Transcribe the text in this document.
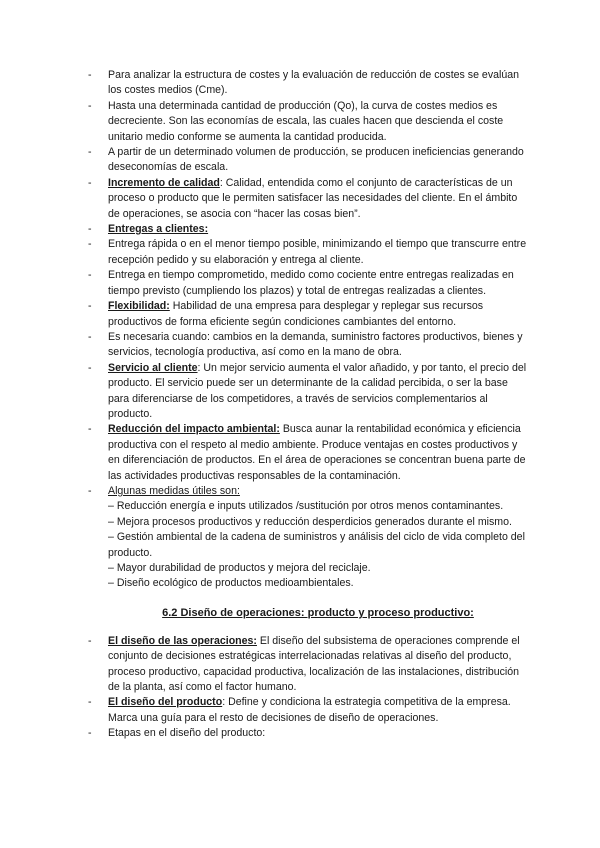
- Para analizar la estructura de costes y la evaluación de reducción de costes se evalúan los costes medios (Cme).
- Hasta una determinada cantidad de producción (Qo), la curva de costes medios es decreciente. Son las economías de escala, las cuales hacen que descienda el coste unitario medio conforme se aumenta la cantidad producida.
- A partir de un determinado volumen de producción, se producen ineficiencias generando deseconomías de escala.
- Incremento de calidad: Calidad, entendida como el conjunto de características de un proceso o producto que le permiten satisfacer las necesidades del cliente. En el ámbito de operaciones, se asocia con “hacer las cosas bien”.
- Entregas a clientes:
- Entrega rápida o en el menor tiempo posible, minimizando el tiempo que transcurre entre recepción pedido y su elaboración y entrega al cliente.
- Entrega en tiempo comprometido, medido como cociente entre entregas realizadas en tiempo previsto (cumpliendo los plazos) y total de entregas realizadas a clientes.
- Flexibilidad: Habilidad de una empresa para desplegar y replegar sus recursos productivos de forma eficiente según condiciones cambiantes del entorno.
- Es necesaria cuando: cambios en la demanda, suministro factores productivos, bienes y servicios, tecnología productiva, así como en la mano de obra.
- Servicio al cliente: Un mejor servicio aumenta el valor añadido, y por tanto, el precio del producto. El servicio puede ser un determinante de la calidad percibida, o ser la base para diferenciarse de los competidores, a través de servicios complementarios al producto.
- Reducción del impacto ambiental: Busca aunar la rentabilidad económica y eficiencia productiva con el respeto al medio ambiente. Produce ventajas en costes productivos y en diferenciación de productos. En el área de operaciones se concentran buena parte de las actividades productivas responsables de la contaminación.
- Algunas medidas útiles son:
– Reducción energía e inputs utilizados /sustitución por otros menos contaminantes.
– Mejora procesos productivos y reducción desperdicios generados durante el mismo.
– Gestión ambiental de la cadena de suministros y análisis del ciclo de vida completo del producto.
– Mayor durabilidad de productos y mejora del reciclaje.
– Diseño ecológico de productos medioambientales.
6.2 Diseño de operaciones: producto y proceso productivo:
- El diseño de las operaciones: El diseño del subsistema de operaciones comprende el conjunto de decisiones estratégicas interrelacionadas relativas al diseño del producto, proceso productivo, capacidad productiva, localización de las instalaciones, distribución de la planta, así como el factor humano.
- El diseño del producto: Define y condiciona la estrategia competitiva de la empresa. Marca una guía para el resto de decisiones de diseño de operaciones.
- Etapas en el diseño del producto:
